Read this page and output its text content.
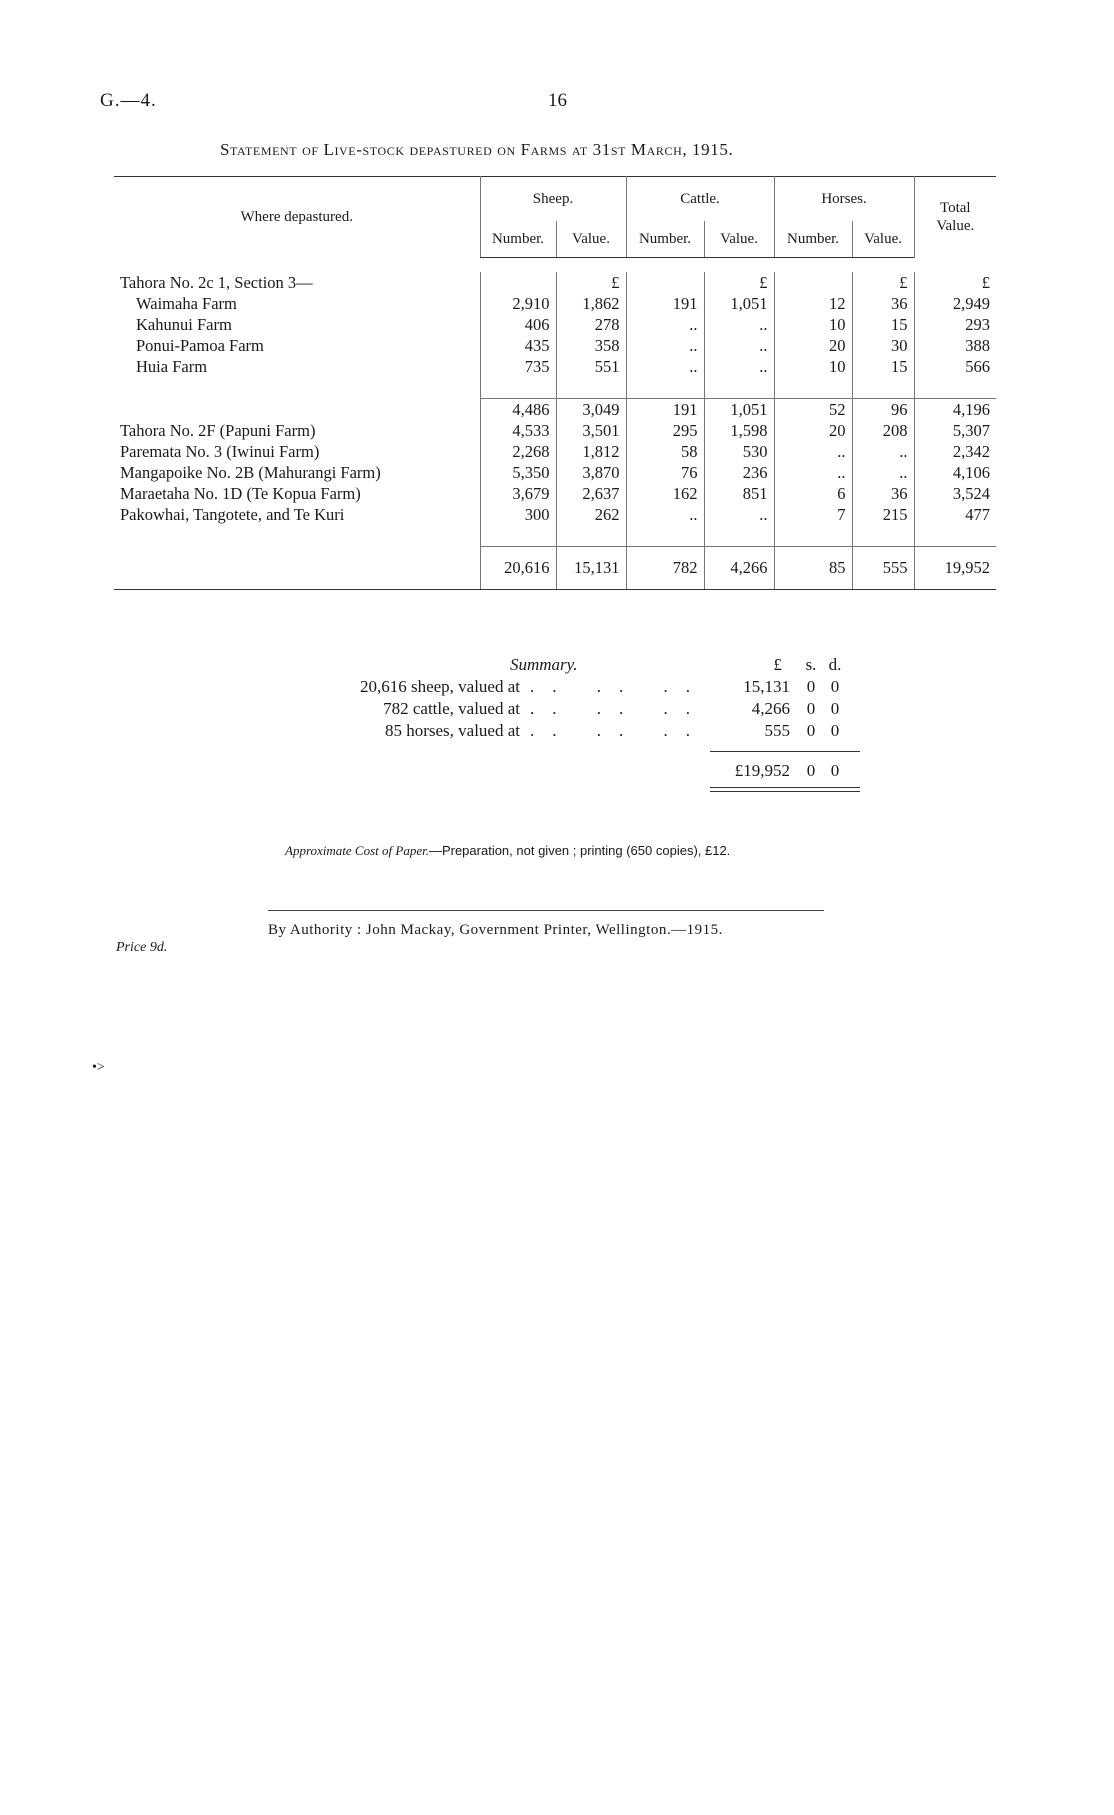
G.—4.	16
Statement of Live-stock depastured on Farms at 31st March, 1915.
Where depastured.	Sheep.		Cattle.		Horses.		Total Value.
	Number.	Value.	Number.	Value.	Number.	Value.	

Tahora No. 2c 1, Section 3—		£		£		£	£
Waimaha Farm	2,910	1,862	191	1,051	12	36	2,949
Kahunui Farm	406	278	..	..	10	15	293
Ponui-Pamoa Farm	435	358	..	..	20	30	388
Huia Farm	735	551	..	..	10	15	566

	4,486	3,049	191	1,051	52	96	4,196
Tahora No. 2F (Papuni Farm)	4,533	3,501	295	1,598	20	208	5,307
Paremata No. 3 (Iwinui Farm)	2,268	1,812	58	530	..	..	2,342
Mangapoike No. 2B (Mahurangi Farm)	5,350	3,870	76	236	..	..	4,106
Maraetaha No. 1D (Te Kopua Farm)	3,679	2,637	162	851	6	36	3,524
Pakowhai, Tangotete, and Te Kuri	300	262	..	..	7	215	477

	20,616	15,131	782	4,266	85	555	19,952
Summary.	£ s. d.
20,616 sheep, valued at	15,131 0 0
.. .. ..
782 cattle, valued at	4,266 0 0
.. .. ..
85 horses, valued at	555 0 0
.. .. ..
£19,952 0 0
Approximate Cost of Paper.—Preparation, not given ; printing (650 copies), £12.
By Authority : John Mackay, Government Printer, Wellington.—1915.
Price 9d.
•>
